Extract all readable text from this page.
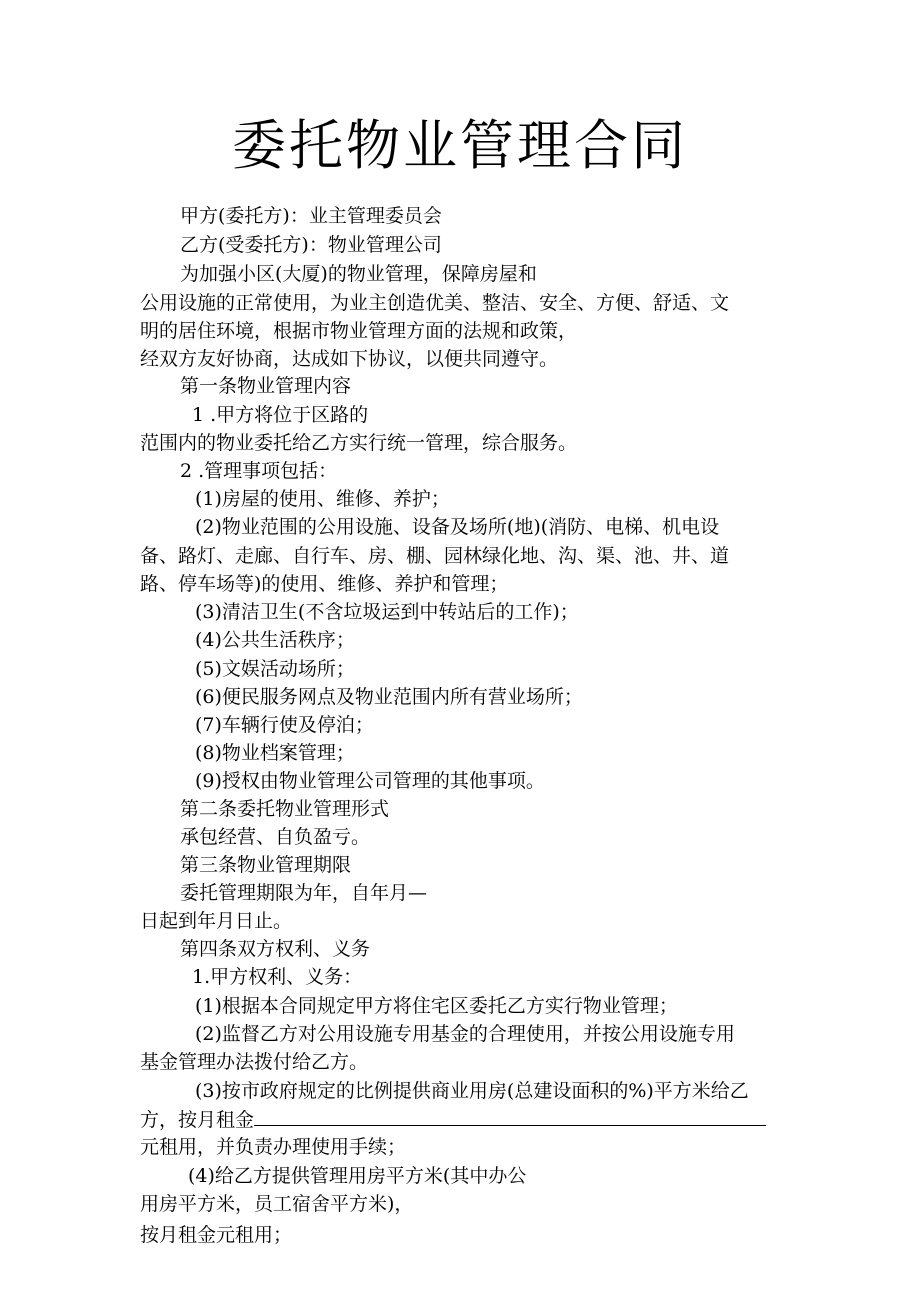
委托物业管理合同
甲方(委托方)：业主管理委员会
乙方(受委托方)：物业管理公司
为加强小区(大厦)的物业管理，保障房屋和
公用设施的正常使用，为业主创造优美、整洁、安全、方便、舒适、文
明的居住环境，根据市物业管理方面的法规和政策，
经双方友好协商，达成如下协议，以便共同遵守。
第一条物业管理内容
1 .甲方将位于区路的
范围内的物业委托给乙方实行统一管理，综合服务。
2 .管理事项包括：
(1)房屋的使用、维修、养护；
(2)物业范围的公用设施、设备及场所(地)(消防、电梯、机电设
备、路灯、走廊、自行车、房、棚、园林绿化地、沟、渠、池、井、道
路、停车场等)的使用、维修、养护和管理；
(3)清洁卫生(不含垃圾运到中转站后的工作)；
(4)公共生活秩序；
(5)文娱活动场所；
(6)便民服务网点及物业范围内所有营业场所；
(7)车辆行使及停泊；
(8)物业档案管理；
(9)授权由物业管理公司管理的其他事项。
第二条委托物业管理形式
承包经营、自负盈亏。
第三条物业管理期限
委托管理期限为年，自年月—
日起到年月日止。
第四条双方权利、义务
1.甲方权利、义务：
(1)根据本合同规定甲方将住宅区委托乙方实行物业管理；
(2)监督乙方对公用设施专用基金的合理使用，并按公用设施专用
基金管理办法拨付给乙方。
(3)按市政府规定的比例提供商业用房(总建设面积的%)平方米给乙
方，按月租金
元租用，并负责办理使用手续；
(4)给乙方提供管理用房平方米(其中办公
用房平方米，员工宿舍平方米)，
按月租金元租用；
